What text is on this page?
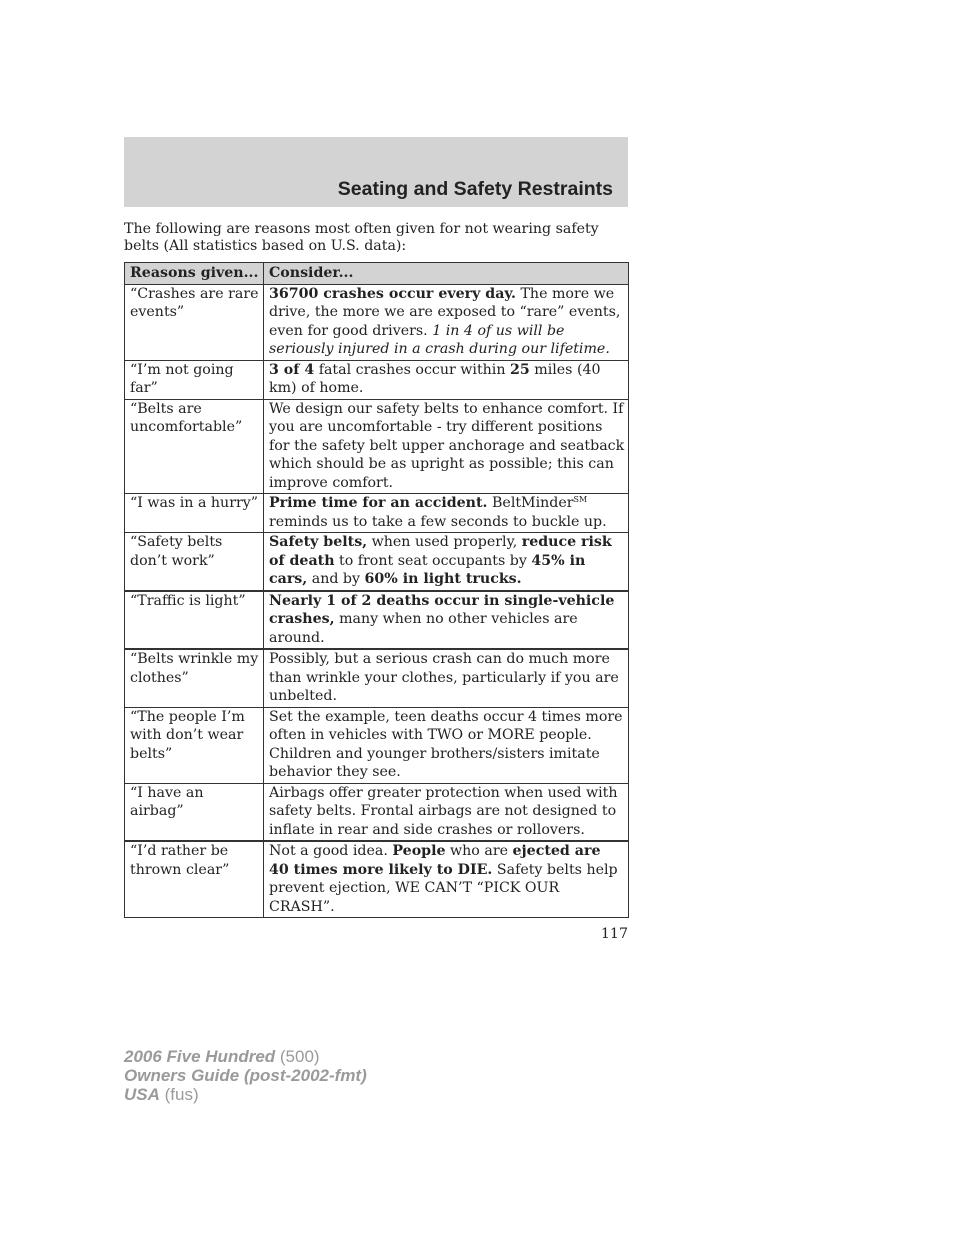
Seating and Safety Restraints
The following are reasons most often given for not wearing safety belts (All statistics based on U.S. data):
Reasons given...	Consider...
“Crashes are rare events”	36700 crashes occur every day. The more we drive, the more we are exposed to “rare” events, even for good drivers. 1 in 4 of us will be seriously injured in a crash during our lifetime.
“I’m not going far”	3 of 4 fatal crashes occur within 25 miles (40 km) of home.
“Belts are uncomfortable”	We design our safety belts to enhance comfort. If you are uncomfortable - try different positions for the safety belt upper anchorage and seatback which should be as upright as possible; this can improve comfort.
“I was in a hurry”	Prime time for an accident. BeltMinder℠ reminds us to take a few seconds to buckle up.
“Safety belts don’t work”	Safety belts, when used properly, reduce risk of death to front seat occupants by 45% in cars, and by 60% in light trucks.
“Traffic is light”	Nearly 1 of 2 deaths occur in single-vehicle crashes, many when no other vehicles are around.
“Belts wrinkle my clothes”	Possibly, but a serious crash can do much more than wrinkle your clothes, particularly if you are unbelted.
“The people I’m with don’t wear belts”	Set the example, teen deaths occur 4 times more often in vehicles with TWO or MORE people. Children and younger brothers/sisters imitate behavior they see.
“I have an airbag”	Airbags offer greater protection when used with safety belts. Frontal airbags are not designed to inflate in rear and side crashes or rollovers.
“I’d rather be thrown clear”	Not a good idea. People who are ejected are 40 times more likely to DIE. Safety belts help prevent ejection, WE CAN’T “PICK OUR CRASH”.
117
2006 Five Hundred (500)
Owners Guide (post-2002-fmt)
USA (fus)
